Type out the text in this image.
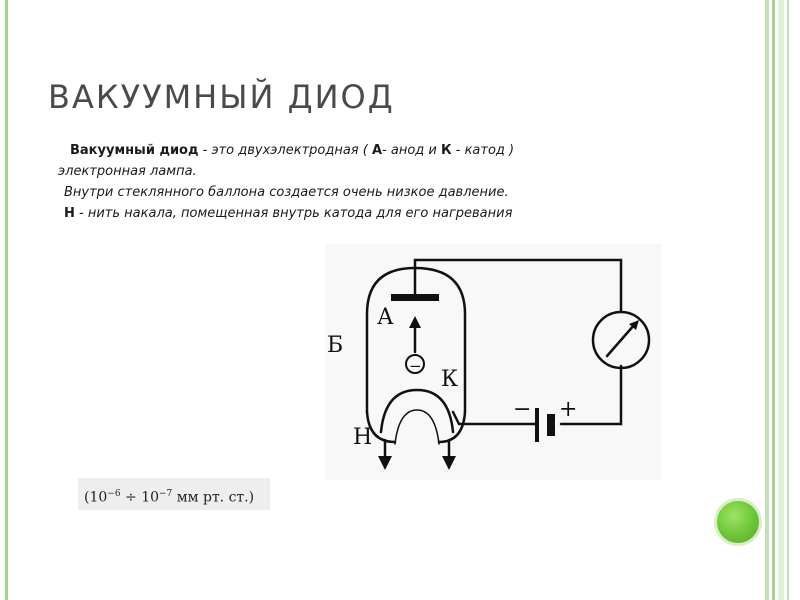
ВАКУУМНЫЙ ДИОД

Вакуумный диод - это двухэлектродная ( А- анод и К - катод )

электронная лампа.

Внутри стеклянного баллона создается очень низкое давление.

Н - нить накала, помещенная внутрь катода для его нагревания

−
− +
А
Б
К
Н
($10^{-6} \div 10^{-7}$ мм рт. ст.)
